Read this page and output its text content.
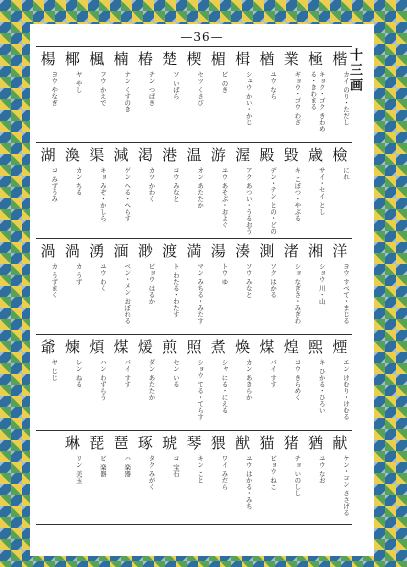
— 36 —
十三画
楷
カイ のり・ただし
極
キョク・ゴク きわめる・きわまる
業
ギョウ・ゴウ わざ
楢
ユウ なら
楫
シュウ かい・かじ
楣
ビ のき
楔
セツ くさび
楚
ソ いばら
椿
チン つばき
楠
ナン くすのき
楓
フウ かえで
椰
ヤ やし
楊
ヨウ やなぎ
檢
にれ
歳
サイ・セイ とし
毀
キ こぼつ・やぶる
殿
デン・テン との・どの
渥
アク あつい・うるおう
游
ユウ あそぶ・およぐ
温
オン あたたか
港
コウ みなと
渇
カツ かわく
減
ゲン へる・へらす
渠
キョ みぞ・かしら
渙
カン ちる
湖
コ みずうみ
洋
ヨウ すべて・まじる
湘
ショウ 川・山
渚
ショ なぎさ・みぎわ
測
ソク はかる
湊
ソウ みなと
湯
トウ ゆ
満
マン みちる・みたす
渡
ト わたる・わたす
渺
ビョウ はるか
湎
ベン・メン おぼれる
湧
ユウ わく
渦
カ うず
渦
カ うずまく
煙
エン けむり・けむる
煕
キ ひかる・ひろい
煌
コウ きらめく
煤
バイ すす
煥
カン あきらか
煮
シャ にる・にえる
照
ショウ てる・てらす
煎
セン いる
煖
ダン あたたか
煤
バイ すす
煩
ハン わずらう
煉
レン ねる
爺
ヤ じじ
献
ケン・コン ささげる
猶
ユウ なお
猪
チョ いのしし
猫
ビョウ ねこ
猷
ユウ はかる・みち
猥
ワイ みだら
琴
キン こと
琥
コ 宝石
琢
タク みがく
琶
ハ 楽器
琵
ビ 楽器
琳
リン 美玉
